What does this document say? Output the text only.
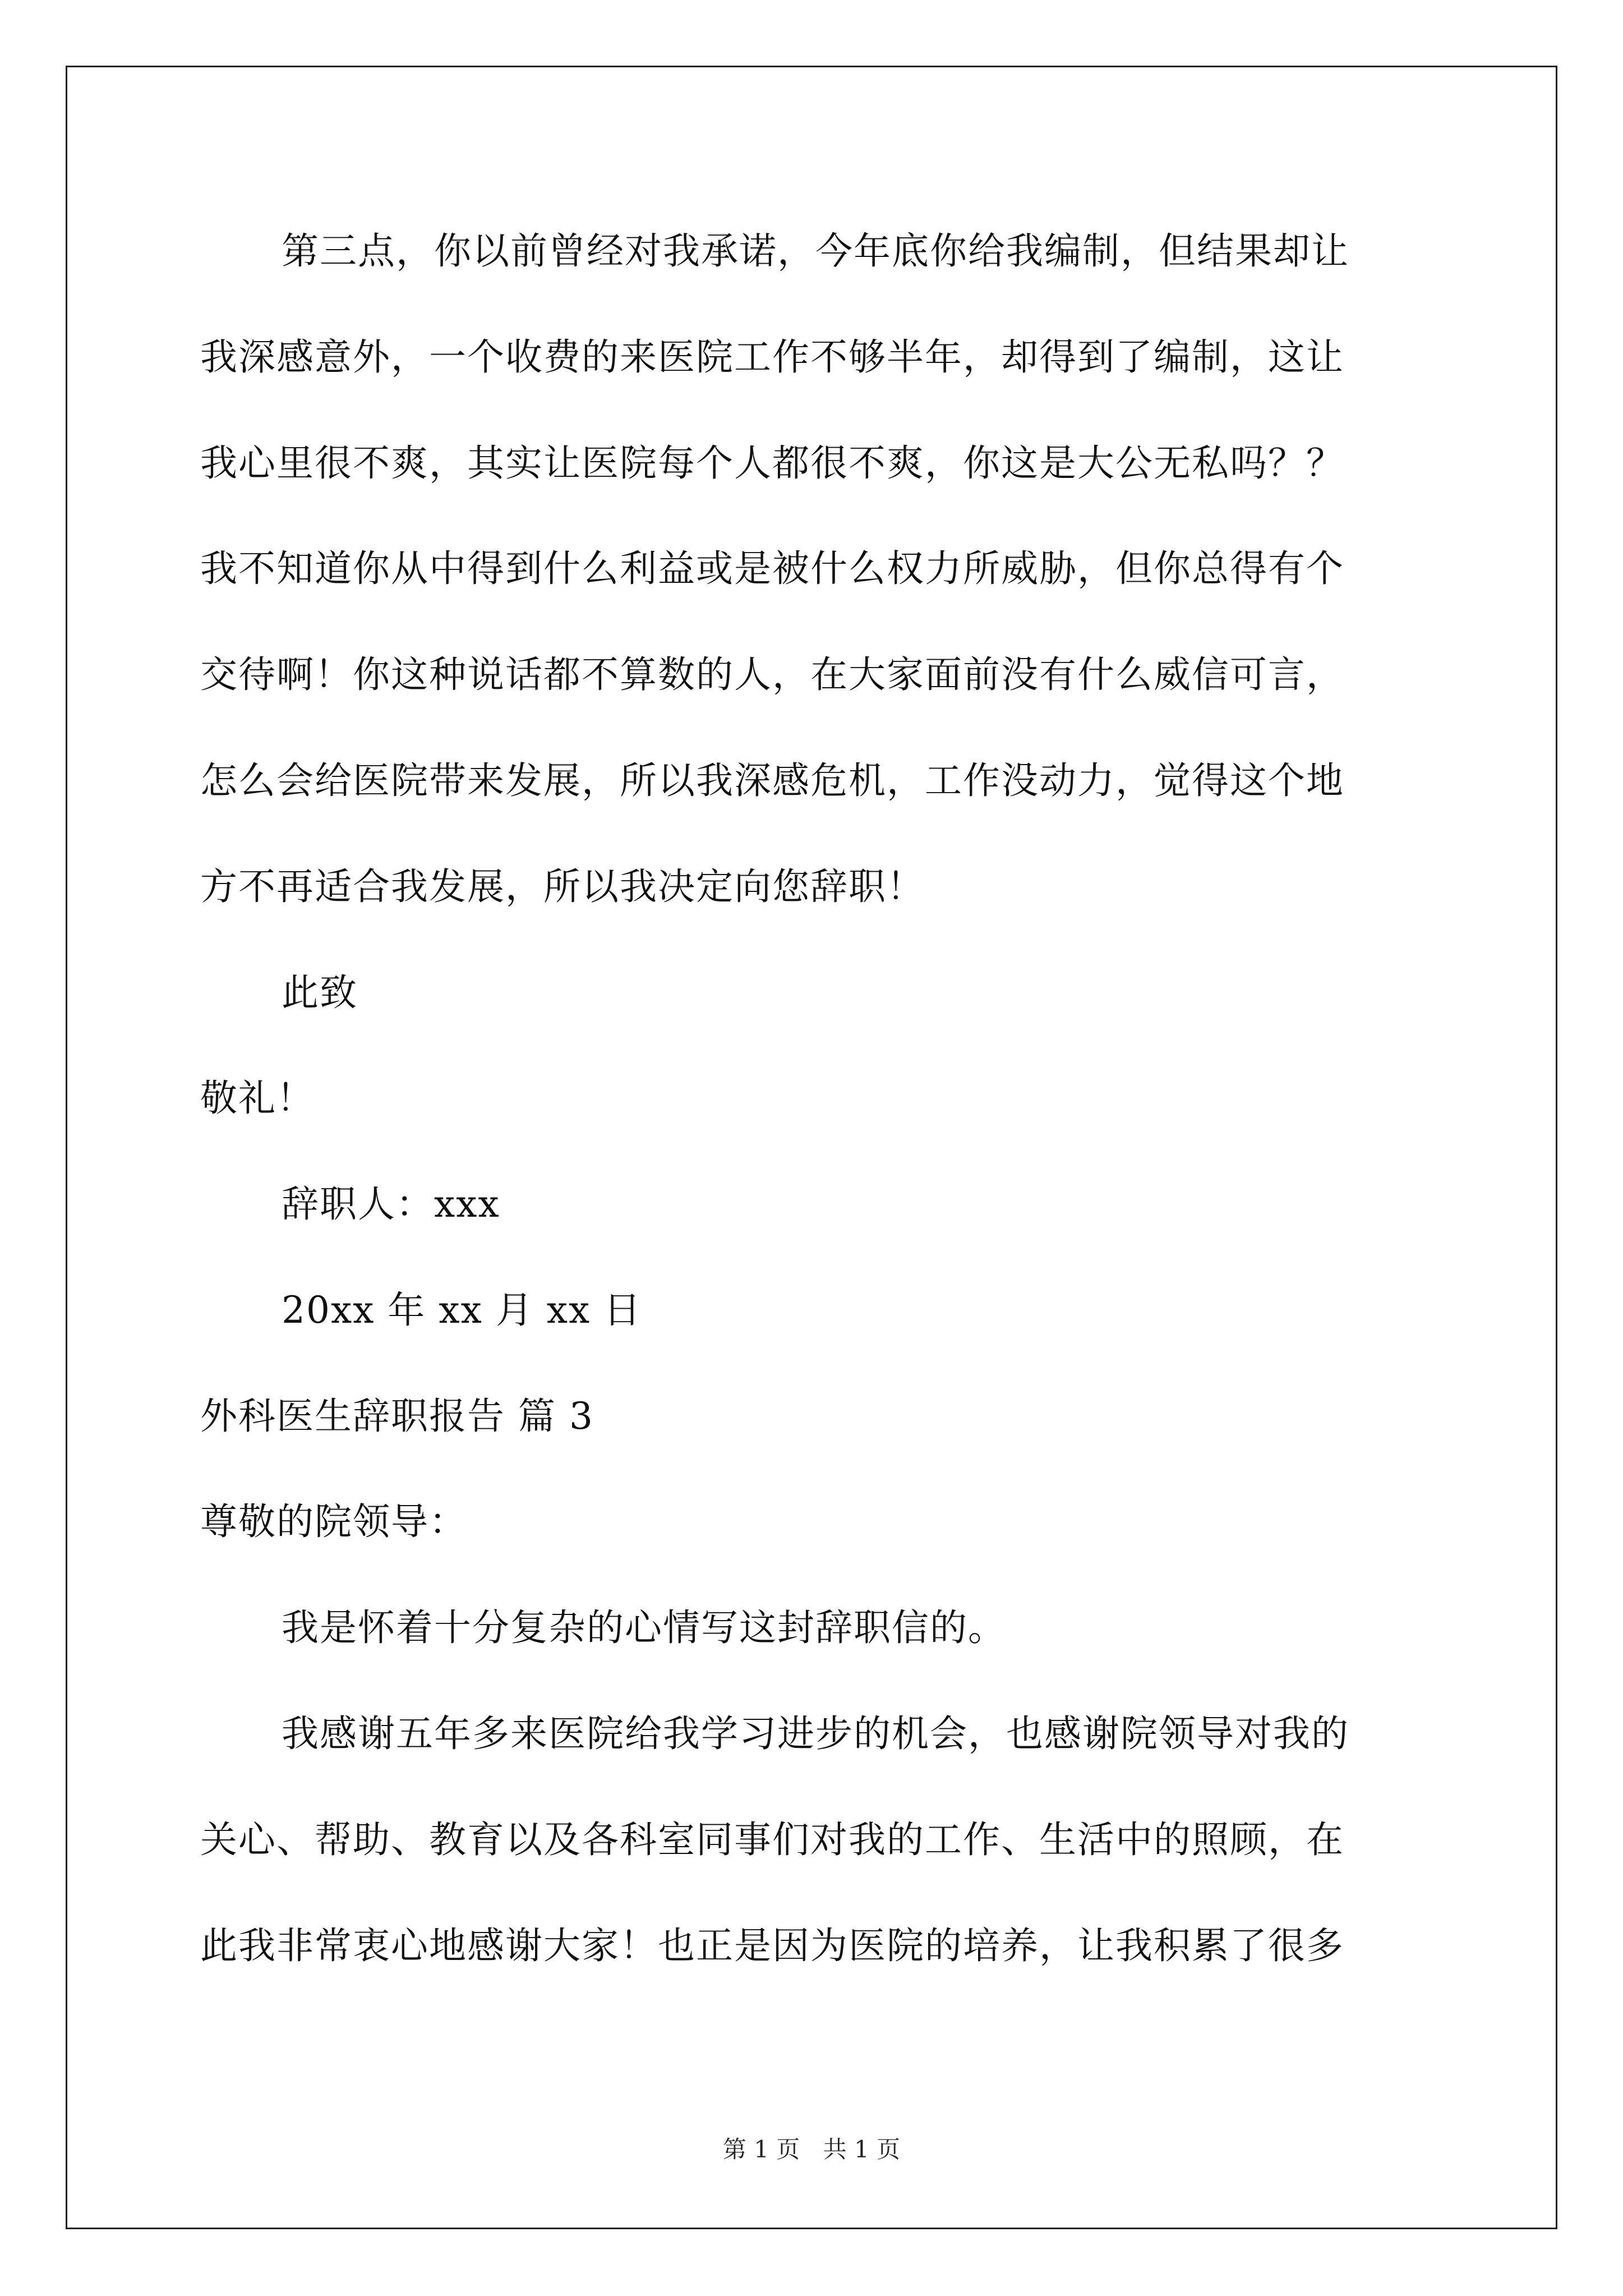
第三点，你以前曾经对我承诺，今年底你给我编制，但结果却让
我深感意外，一个收费的来医院工作不够半年，却得到了编制，这让
我心里很不爽，其实让医院每个人都很不爽，你这是大公无私吗？？
我不知道你从中得到什么利益或是被什么权力所威胁，但你总得有个
交待啊！你这种说话都不算数的人，在大家面前没有什么威信可言，
怎么会给医院带来发展，所以我深感危机，工作没动力，觉得这个地
方不再适合我发展，所以我决定向您辞职！
此致
敬礼！
辞职人：xxx
20xx 年 xx 月 xx 日
外科医生辞职报告 篇 3
尊敬的院领导：
我是怀着十分复杂的心情写这封辞职信的。
我感谢五年多来医院给我学习进步的机会，也感谢院领导对我的
关心、帮助、教育以及各科室同事们对我的工作、生活中的照顾，在
此我非常衷心地感谢大家！也正是因为医院的培养，让我积累了很多
第 1 页 共 1 页
